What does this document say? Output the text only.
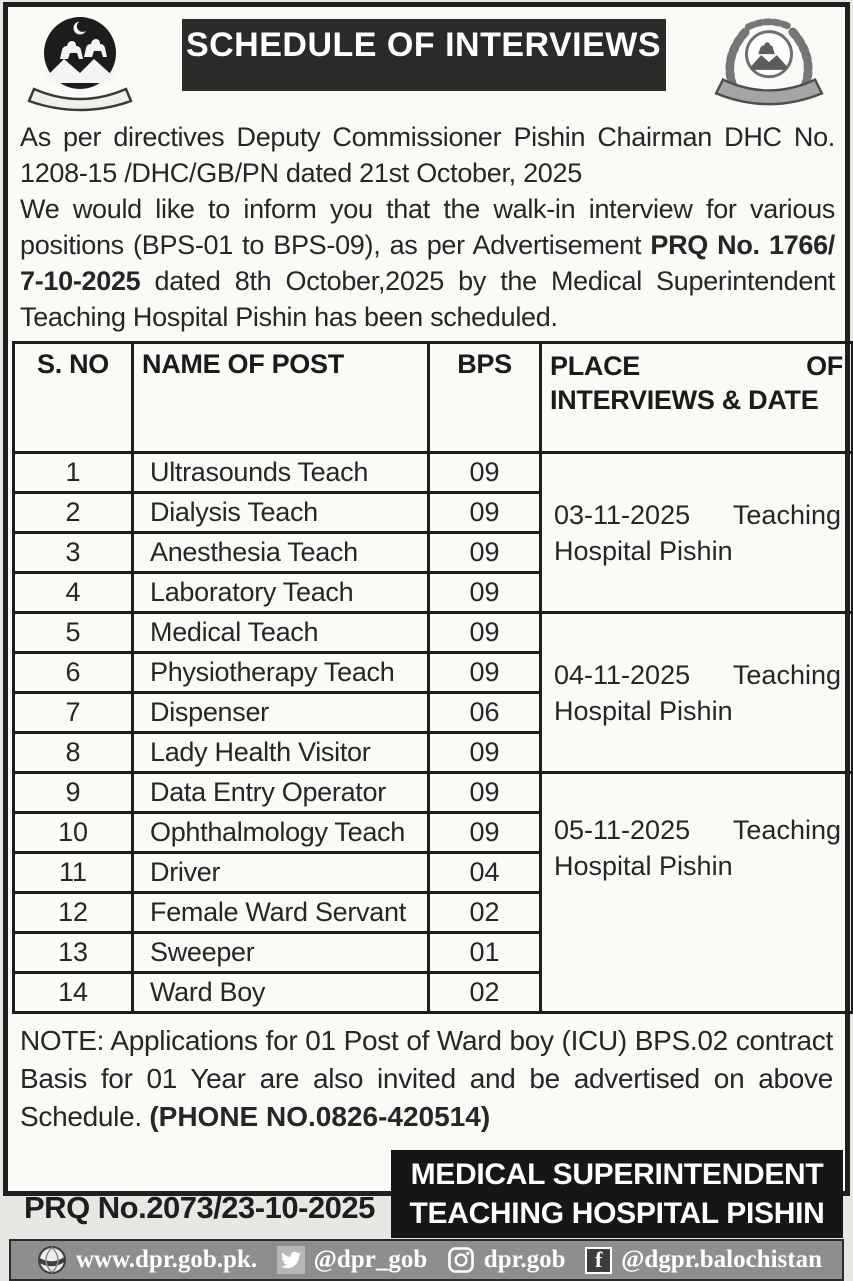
SCHEDULE OF INTERVIEWS

As per directives Deputy Commissioner Pishin Chairman DHC No. 1208-15 /DHC/GB/PN dated 21st October, 2025

We would like to inform you that the walk-in interview for various positions (BPS-01 to BPS-09), as per Advertisement PRQ No. 1766/ 7-10-2025 dated 8th October,2025 by the Medical Superintendent Teaching Hospital Pishin has been scheduled.

S. NO	NAME OF POST	BPS	PLACE OF INTERVIEWS & DATE
1	Ultrasounds Teach	09	03-11-2025 Teaching
Hospital Pishin

2	Dialysis Teach	09	
3	Anesthesia Teach	09	
4	Laboratory Teach	09	
5	Medical Teach	09	04-11-2025 Teaching
Hospital Pishin

6	Physiotherapy Teach	09	
7	Dispenser	06	
8	Lady Health Visitor	09	
9	Data Entry Operator	09	05-11-2025 Teaching
Hospital Pishin

10	Ophthalmology Teach	09	
11	Driver	04	
12	Female Ward Servant	02	
13	Sweeper	01	
14	Ward Boy	02	
NOTE: Applications for 01 Post of Ward boy (ICU) BPS.02 contract Basis for 01 Year are also invited and be advertised on above Schedule. (PHONE NO.0826-420514)
PRQ No.2073/23-10-2025
MEDICAL SUPERINTENDENT
TEACHING HOSPITAL PISHIN
www.dpr.gob.pk. @dpr_gob dpr.gob	f @dgpr.balochistan
